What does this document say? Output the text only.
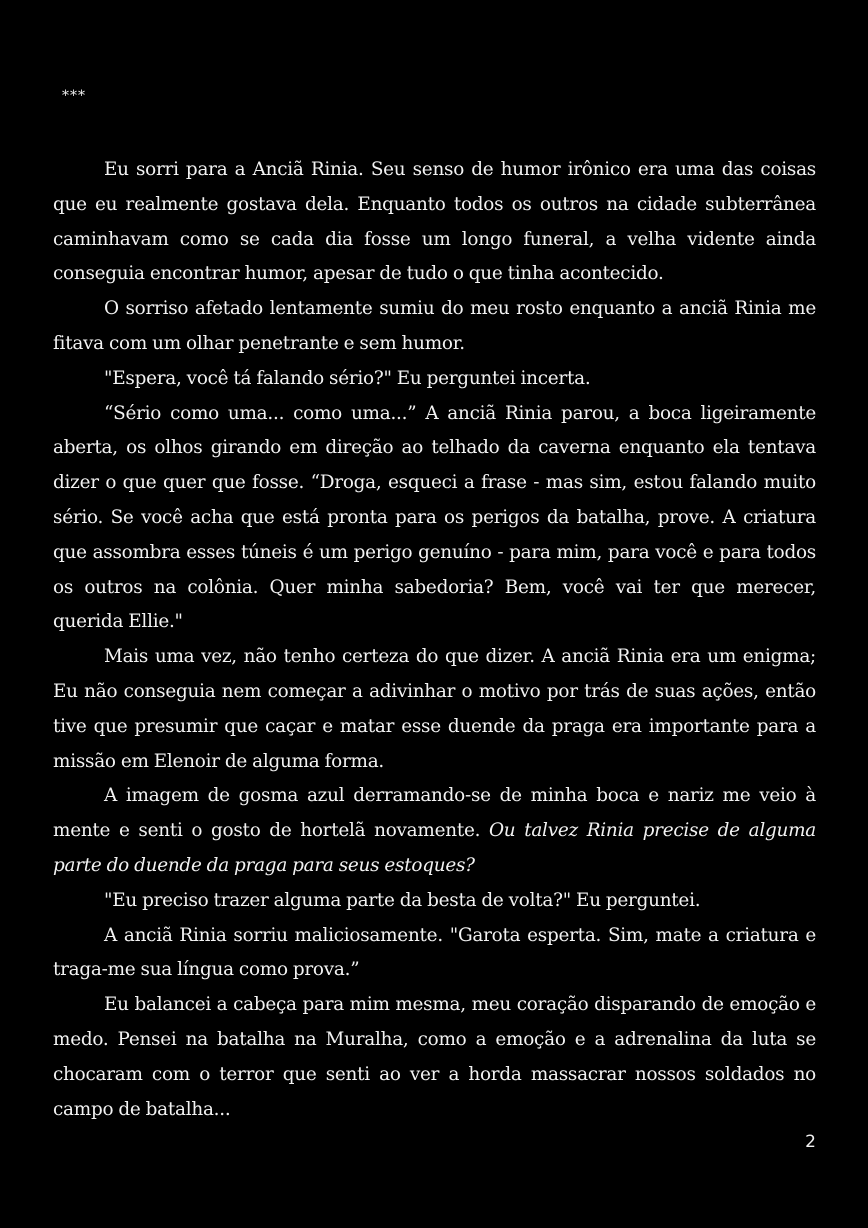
***

Eu sorri para a Anciã Rinia. Seu senso de humor irônico era uma das coisas que eu realmente gostava dela. Enquanto todos os outros na cidade subterrânea caminhavam como se cada dia fosse um longo funeral, a velha vidente ainda conseguia encontrar humor, apesar de tudo o que tinha acontecido.

O sorriso afetado lentamente sumiu do meu rosto enquanto a anciã Rinia me fitava com um olhar penetrante e sem humor.

"Espera, você tá falando sério?" Eu perguntei incerta.

“Sério como uma... como uma...” A anciã Rinia parou, a boca ligeiramente aberta, os olhos girando em direção ao telhado da caverna enquanto ela tentava dizer o que quer que fosse. “Droga, esqueci a frase - mas sim, estou falando muito sério. Se você acha que está pronta para os perigos da batalha, prove. A criatura que assombra esses túneis é um perigo genuíno - para mim, para você e para todos os outros na colônia. Quer minha sabedoria? Bem, você vai ter que merecer, querida Ellie."

Mais uma vez, não tenho certeza do que dizer. A anciã Rinia era um enigma; Eu não conseguia nem começar a adivinhar o motivo por trás de suas ações, então tive que presumir que caçar e matar esse duende da praga era importante para a missão em Elenoir de alguma forma.

A imagem de gosma azul derramando-se de minha boca e nariz me veio à mente e senti o gosto de hortelã novamente. Ou talvez Rinia precise de alguma parte do duende da praga para seus estoques?

"Eu preciso trazer alguma parte da besta de volta?" Eu perguntei.

A anciã Rinia sorriu maliciosamente. "Garota esperta. Sim, mate a criatura e traga-me sua língua como prova.”

Eu balancei a cabeça para mim mesma, meu coração disparando de emoção e medo. Pensei na batalha na Muralha, como a emoção e a adrenalina da luta se chocaram com o terror que senti ao ver a horda massacrar nossos soldados no campo de batalha...

2
